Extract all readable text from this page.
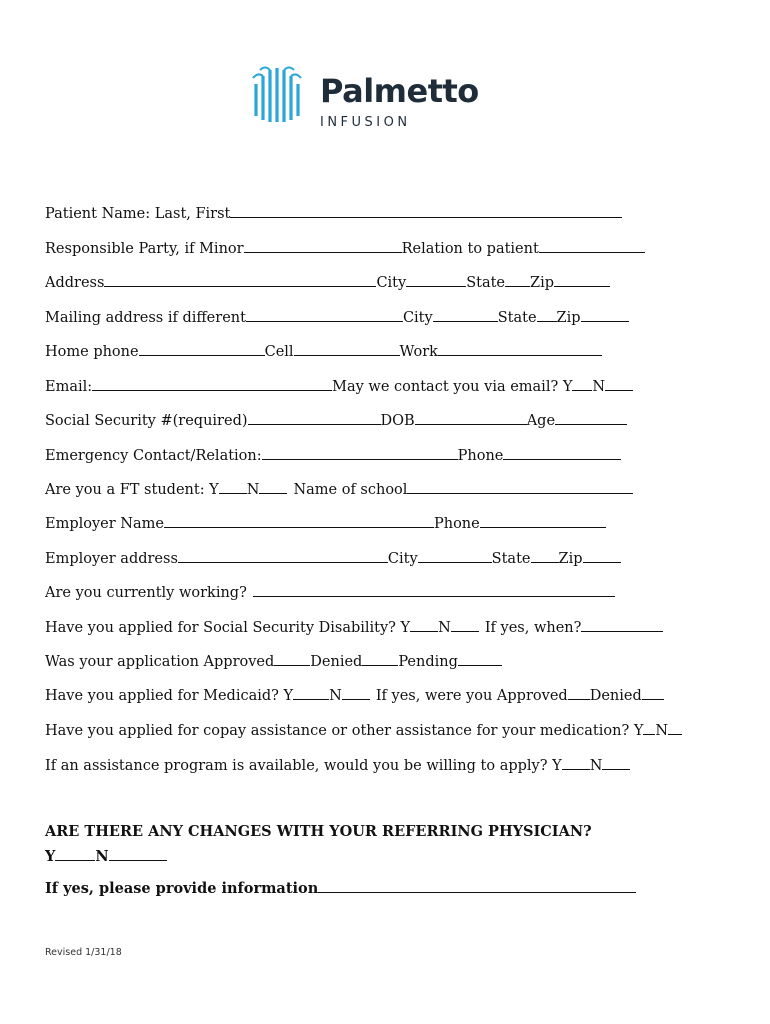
Palmetto
INFUSION
Patient Name: Last, First
Responsible Party, if Minor	Relation to patient
Address	City	State Zip
Mailing address if different	City	State Zip
Home phone	Cell	Work
Email:	May we contact you via email? Y N
Social Security #(required)	DOB	Age
Emergency Contact/Relation:	Phone
Are you a FT student: Y N Name of school
Employer Name	Phone
Employer address	City	State Zip
Are you currently working?
Have you applied for Social Security Disability? Y N If yes, when?
Was your application Approved Denied Pending
Have you applied for Medicaid? Y N If yes, were you Approved Denied
Have you applied for copay assistance or other assistance for your medication? Y N
If an assistance program is available, would you be willing to apply? Y N
ARE THERE ANY CHANGES WITH YOUR REFERRING PHYSICIAN?
Y	N
If yes, please provide information
Revised 1/31/18
